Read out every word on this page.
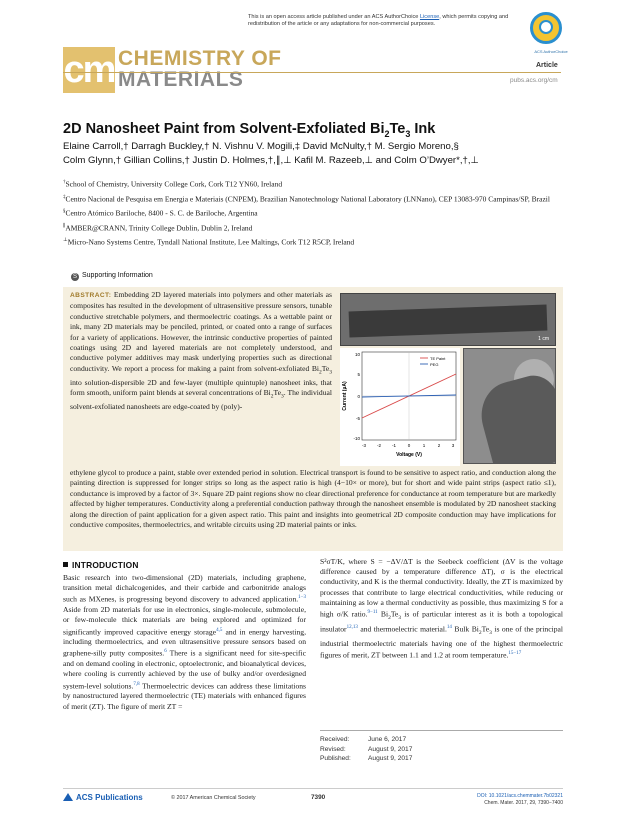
This is an open access article published under an ACS AuthorChoice License, which permits copying and redistribution of the article or any adaptations for non-commercial purposes.
ACS AuthorChoice
cm CHEMISTRY OF
MATERIALS
Article
pubs.acs.org/cm
2D Nanosheet Paint from Solvent-Exfoliated $Bi_2Te_3$ Ink
Elaine Carroll,† Darragh Buckley,† N. Vishnu V. Mogili,‡ David McNulty,† M. Sergio Moreno,§
Colm Glynn,† Gillian Collins,† Justin D. Holmes,†,∥,⊥ Kafil M. Razeeb,⊥ and Colm O’Dwyer*,†,⊥
†School of Chemistry, University College Cork, Cork T12 YN60, Ireland
‡Centro Nacional de Pesquisa em Energia e Materiais (CNPEM), Brazilian Nanotechnology National Laboratory (LNNano), CEP 13083-970 Campinas/SP, Brazil
§Centro Atómico Bariloche, 8400 - S. C. de Bariloche, Argentina
∥AMBER@CRANN, Trinity College Dublin, Dublin 2, Ireland
⊥Micro-Nano Systems Centre, Tyndall National Institute, Lee Maltings, Cork T12 R5CP, Ireland
S Supporting Information
ABSTRACT: Embedding 2D layered materials into polymers and other materials as composites has resulted in the development of ultrasensitive pressure sensors, tunable conductive stretchable polymers, and thermoelectric coatings. As a wettable paint or ink, many 2D materials may be penciled, printed, or coated onto a range of surfaces for a variety of applications. However, the intrinsic conductive properties of painted coatings using 2D and layered materials are not completely understood, and conductive polymer additives may mask underlying properties such as directional conductivity. We report a process for making a paint from solvent-exfoliated $Bi_2Te_3$ into solution-dispersible 2D and few-layer (multiple quintuple) nanosheet inks, that form smooth, uniform paint blends at several concentrations of $Bi_2Te_3$. The individual solvent-exfoliated nanosheets are edge-coated by (poly)-
ethylene glycol to produce a paint, stable over extended period in solution. Electrical transport is found to be sensitive to aspect ratio, and conduction along the painting direction is suppressed for longer strips so long as the aspect ratio is high (4−10× or more), but for short and wide paint strips (aspect ratio ≤1), conductance is improved by a factor of 3×. Square 2D paint regions show no clear directional preference for conductance at room temperature but are markedly affected by higher temperatures. Conductivity along a preferential conduction pathway through the nanosheet ensemble is modulated by 2D nanosheet stacking along the direction of paint application for a given aspect ratio. This paint and insights into geometrical 2D composite conduction may have implications for conductive composites, thermoelectrics, and writable circuits using 2D material paints or inks.
1 cm
TE Paint
PEG
10
5
0
-5
-10
-3 -2 -1	0	1	2	3
Voltage (V)
Current (µA)
INTRODUCTION
Basic research into two-dimensional (2D) materials, including graphene, transition metal dichalcogenides, and their carbide and carbonitride analogs such as MXenes, is progressing beyond discovery to advanced application.$^{1-3}$ Aside from 2D materials for use in electronics, single-molecule, submolecule, or few-molecule thick materials are being explored and optimized for significantly improved capacitive energy storage$^{4,5}$ and in energy harvesting, including thermoelectrics, and even ultrasensitive pressure sensors based on graphene-silly putty composites.$^6$ There is a significant need for site-specific and on demand cooling in electronic, optoelectronic, and bioanalytical devices, where cooling is currently achieved by the use of bulky and/or overdesigned system-level solutions.$^{7,8}$ Thermoelectric devices can address these limitations by nanostructured layered thermoelectric (TE) materials with enhanced figures of merit (ZT). The figure of merit ZT =
S²σT/K, where S = −ΔV/ΔT is the Seebeck coefficient (ΔV is the voltage difference caused by a temperature difference ΔT), σ is the electrical conductivity, and K is the thermal conductivity. Ideally, the ZT is maximized by processes that contribute to large electrical conductivities, while reducing or maintaining as low a thermal conductivity as possible, thus maximizing S for a high σ/K ratio.$^{9-11}$ $Bi_2Te_3$ is of particular interest as it is both a topological insulator$^{12,13}$ and thermoelectric material.$^{14}$ Bulk $Bi_2Te_3$ is one of the principal industrial thermoelectric materials having one of the highest thermoelectric figures of merit, ZT between 1.1 and 1.2 at room temperature.$^{15-17}$
Received:	June 6, 2017
Revised:	August 9, 2017
Published:	August 9, 2017
ACS Publications	© 2017 American Chemical Society	7390	DOI: 10.1021/acs.chemmater.7b02321
Chem. Mater. 2017, 29, 7390−7400
